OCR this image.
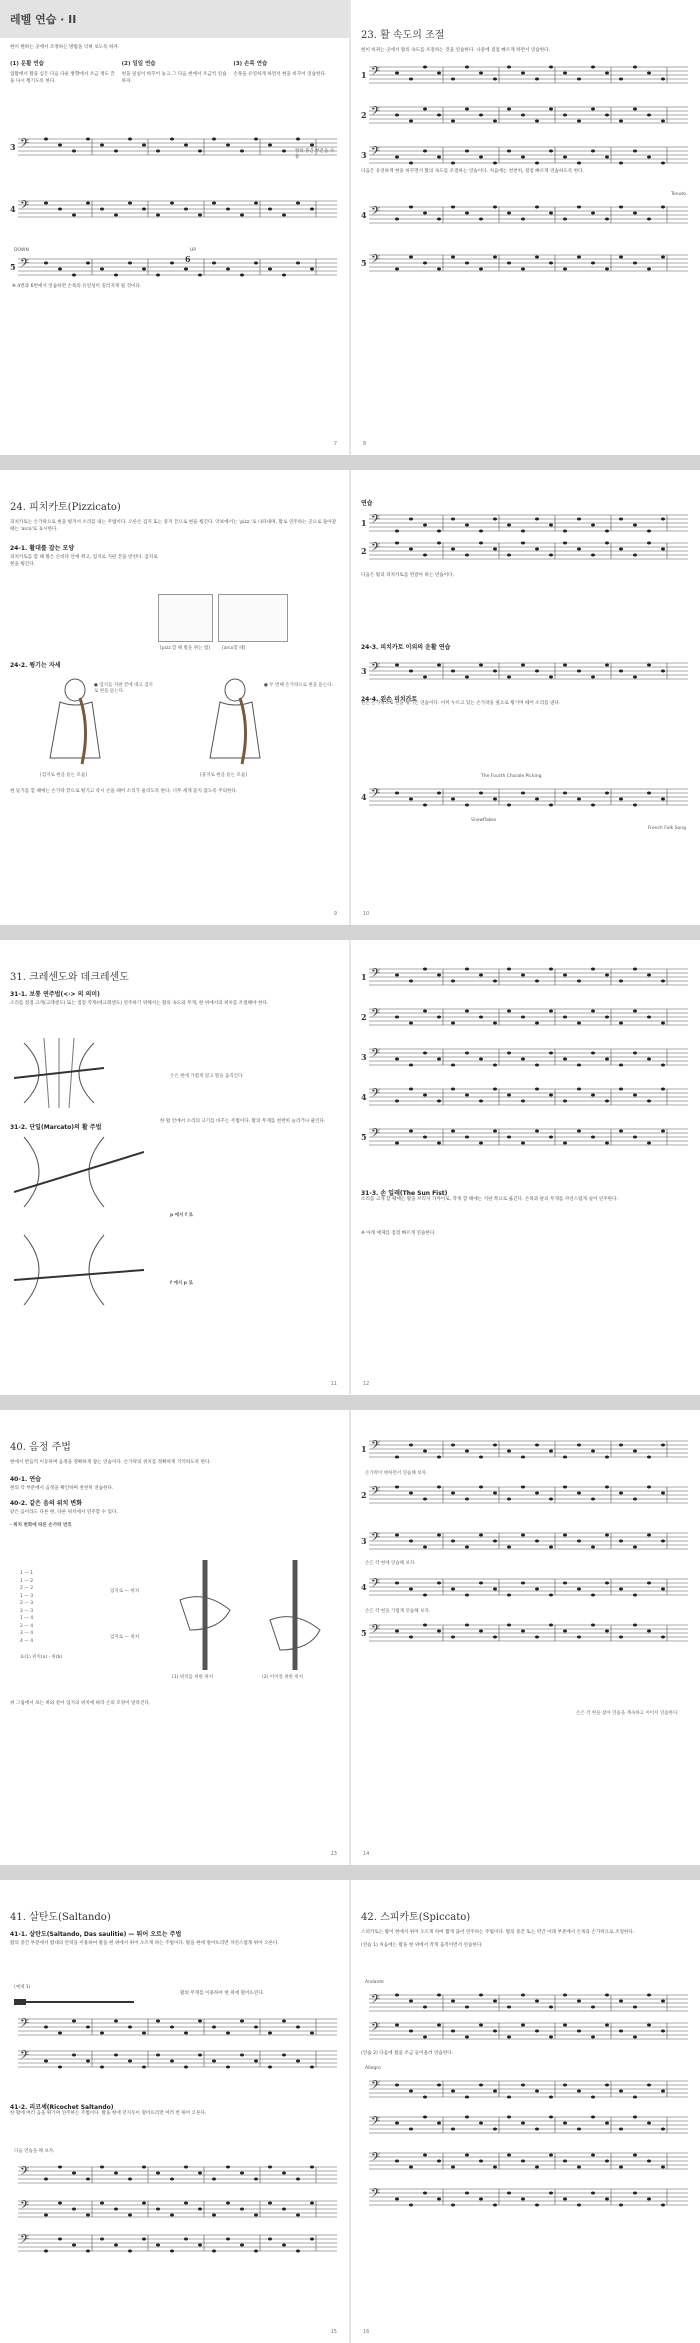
레벨 연습 · II
현이 변하는 곳에서 조정하는 방법을 익혀 보도록 하자.
(1) 운활 연습
업활에서 활을 심은 다음 다운 방향에서 조금 정도 끝을 다시 튕기도록 한다.
(2) 일일 연습
현을 일일이 바꾸어 놓고 그 다음 현에서 조금씩 연습하자.
(3) 손목 연습
손목을 유연하게 하면서 현을 바꾸어 연습한다.
3 𝄢
4 𝄢
5 𝄢
활의 중간 부분을 사용
DOWN	UP
6
※ 4번과 6번에서 연습하면 손목의 유연성이 길러지게 될 것이다.
7
23. 활 속도의 조절
현이 바뀌는 곳에서 활의 속도를 조절하는 것을 연습한다. 나중에 점점 빠르게 하면서 연습한다.
1 𝄢
2 𝄢
3 𝄢
다음은 유연하게 현을 바꾸면서 활의 속도를 조절하는 연습이다. 처음에는 천천히, 점점 빠르게 연습하도록 한다.
Tenuto
4 𝄢
5 𝄢
8
24. 피치카토(Pizzicato)
피치카토는 손가락으로 현을 튕겨서 소리를 내는 주법이다. 오른손 검지 또는 중지 끝으로 현을 튕긴다. 악보에서는 'pizz.'로 나타내며, 활로 연주하는 곳으로 돌아갈 때는 'arco'로 표시한다.
24-1. 활대를 잡는 모양
피치카토를 할 때 활은 손바닥 안에 쥐고, 엄지로 지판 끝을 받친다. 검지로 현을 튕긴다.
[pizz.할 때 활을 쥐는 법]	[arco할 때]
24-2. 튕기는 자세
● 엄지를 지판 끝에 대고 검지로 현을 뜯는다.
● 두 번째 손가락으로 현을 뜯는다.
[검지로 현을 뜯는 모습]	[중지로 현을 뜯는 모습]
현 뜯기를 할 때에는 손가락 끝으로 튕기고 즉시 손을 떼어 소리가 울리도록 한다. 너무 세게 뜯지 않도록 주의한다.
9
연습
1 𝄢
2 𝄢
다음은 활과 피치카토를 번갈아 하는 연습이다.
24-3. 피치카토 이외의 운활 연습
3 𝄢
24-4. 왼손 피치카토
왼손 손가락으로 현을 튕기는 연습이다. 이미 누르고 있는 손가락을 옆으로 튕기며 떼어 소리를 낸다.
The Fourth Chorale Picking
Snowflakes
French Folk Song
4 𝄢
10
31. 크레센도와 데크레센도
31-1. 보통 연주법(<·> 의 의미)
소리를 점점 크게(크레센도) 또는 점점 작게(데크레센도) 연주하기 위해서는 활의 속도와 무게, 현 위에서의 위치를 조절해야 한다.
손은 현에 가볍게 얹고 활을 움직인다.
31-2. 단일(Marcato)의 활 주법
한 활 안에서 소리의 크기를 바꾸는 주법이다. 활의 무게를 천천히 늘리거나 줄인다.
p 에서 f 로
f 에서 p 로
11
1 𝄢
2 𝄢
3 𝄢
4 𝄢
5 𝄢
31-3. 손 일레(The Sun Fist)
소리를 크게 할 때에는 활을 브리지 가까이로, 작게 할 때에는 지판 쪽으로 옮긴다. 손목과 팔의 무게를 자연스럽게 실어 연주한다.
※ 아래 예제를 점점 빠르게 연습한다.
12
40. 음정 주법
현에서 반음씩 이동하며 음정을 정확하게 잡는 연습이다. 손가락의 위치를 정확하게 기억하도록 한다.
40-1. 연습
현의 각 부분에서 음정을 확인하며 천천히 연습한다.
40-2. 같은 음의 위치 변화
같은 음이라도 다른 현, 다른 위치에서 연주할 수 있다.
· 위치 변화에 따른 손가락 번호
1 — 1
1 — 2
2 — 2
1 — 3
2 — 3
3 — 3
1 — 4
2 — 4
3 — 4
4 — 4
엄지로 — 위치
엄지로 — 위치
(1) 위치를 위한 위치	(2) 이어질 위한 위치
표(1) 위치(a) · 위(b)
위 그림에서 보는 바와 같이 엄지의 위치에 따라 손의 모양이 달라진다.
13
1 𝄢
2 𝄢
3 𝄢
4 𝄢
5 𝄢
손가락이 변하면서 연습해 보자.
손은 각 현에 연습해 보자.
손은 각 현을 가볍게 연습해 보자.
손은 각 현을 잡아 연습을 계속하고 이어서 연습한다.
14
41. 살탄도(Saltando)
41-1. 살탄도(Saltando, Das saulitie) — 튀어 오르는 주법
활의 중간 부분에서 활대의 탄력을 이용하여 활을 현 위에서 튀어 오르게 하는 주법이다. 활을 현에 떨어뜨리면 자연스럽게 튀어 오른다.
(예제 1)
활의 무게를 이용하여 현 위에 떨어뜨린다.
𝄢
𝄢
41-2. 리코셰(Ricochet Saltando)
한 활에 여러 음을 튀기며 연주하는 주법이다. 활을 현에 던지듯이 떨어뜨리면 여러 번 튀어 오른다.
다음 연습을 해 보자.
𝄢
𝄢
𝄢
15
42. 스피카토(Spiccato)
스피카토는 활이 현에서 튀어 오르게 하여 짧게 끊어 연주하는 주법이다. 활의 중간 또는 약간 아래 부분에서 손목과 손가락으로 조절한다.
(연습 1) 처음에는 활을 현 위에서 작게 움직이면서 연습한다.
Andante
𝄢
𝄢
(연습 2) 다음에 활을 조금 들어올려 연습한다.
Allegro
𝄢
𝄢
𝄢
𝄢
16
